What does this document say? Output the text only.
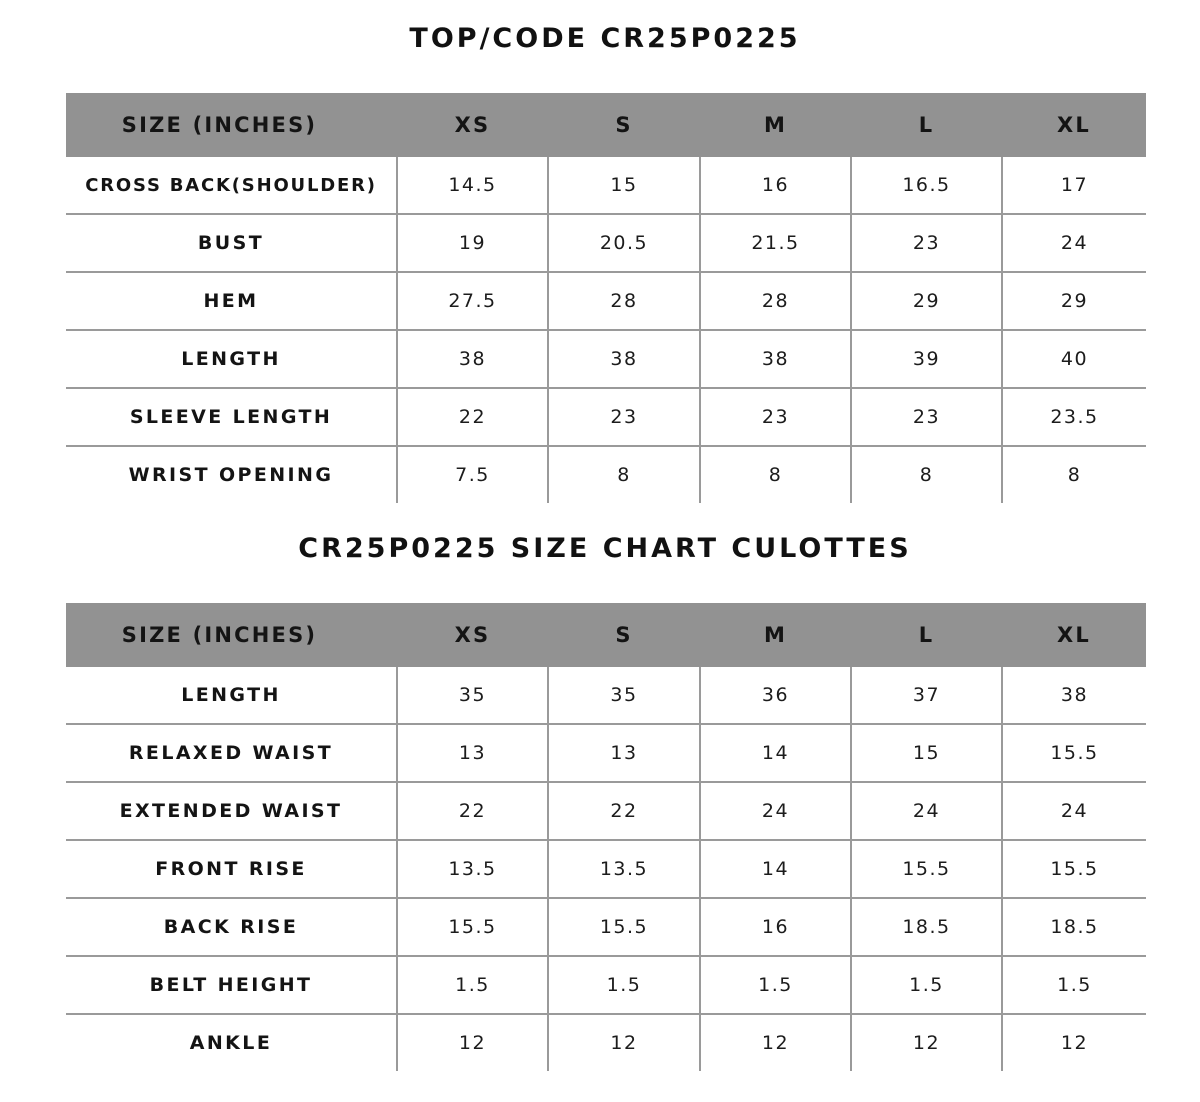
TOP/CODE CR25P0225
SIZE (INCHES)	XS	S	M	L	XL
CROSS BACK(SHOULDER)	14.5	15	16	16.5	17
BUST	19	20.5	21.5	23	24
HEM	27.5	28	28	29	29
LENGTH	38	38	38	39	40
SLEEVE LENGTH	22	23	23	23	23.5
WRIST OPENING	7.5	8	8	8	8
CR25P0225 SIZE CHART CULOTTES
SIZE (INCHES)	XS	S	M	L	XL
LENGTH	35	35	36	37	38
RELAXED WAIST	13	13	14	15	15.5
EXTENDED WAIST	22	22	24	24	24
FRONT RISE	13.5	13.5	14	15.5	15.5
BACK RISE	15.5	15.5	16	18.5	18.5
BELT HEIGHT	1.5	1.5	1.5	1.5	1.5
ANKLE	12	12	12	12	12
